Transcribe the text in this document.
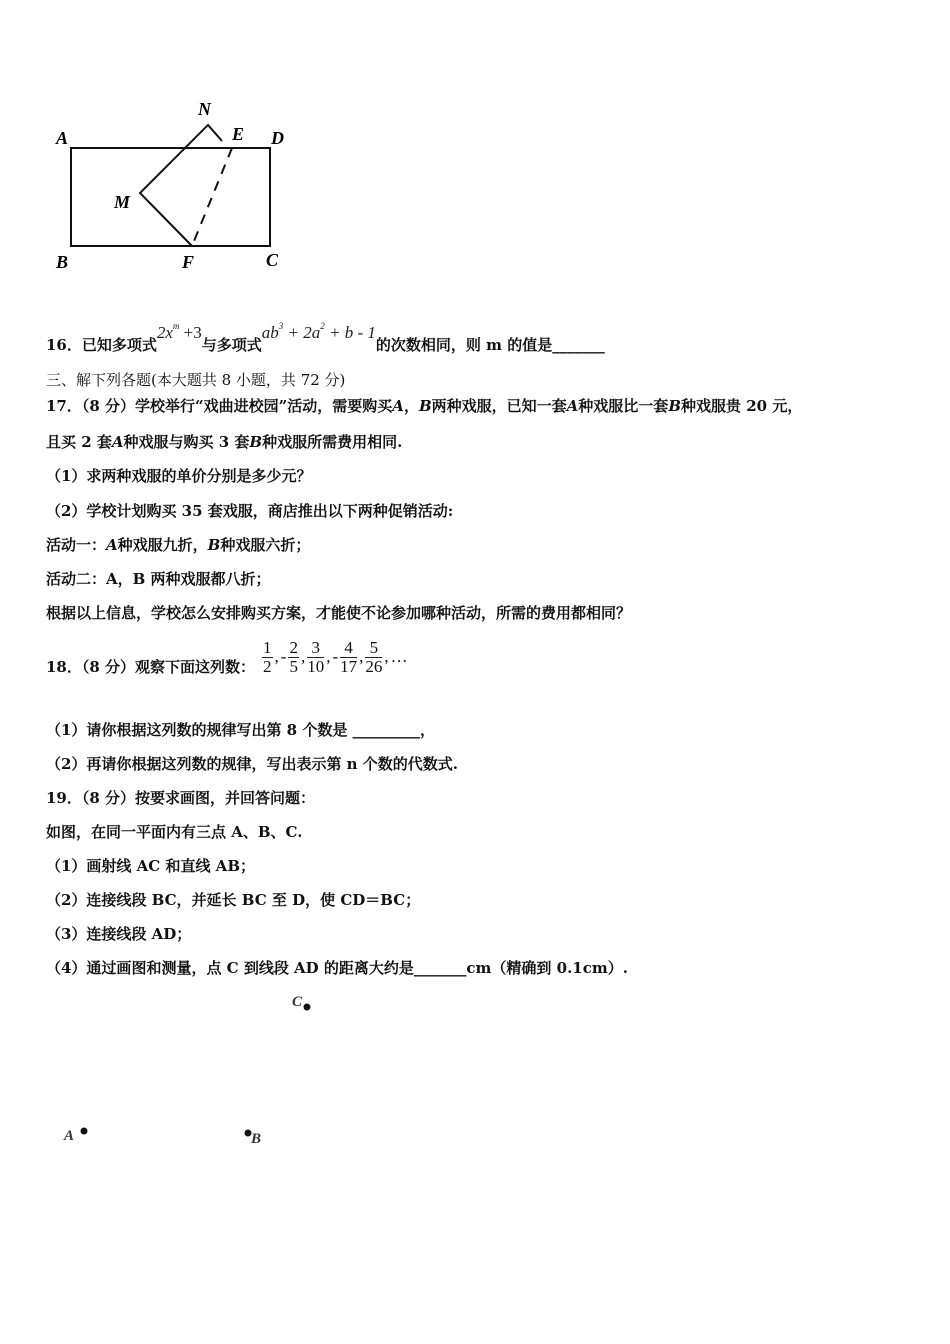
A	D
B	C
F
M
N
E
16．已知多项式$2x^m +3$与多项式$ab^3 + 2a^2 + b - 1$的次数相同，则 m 的值是_______
三、解下列各题(本大题共 8 小题，共 72 分)
17．（8 分）学校举行“戏曲进校园”活动，需要购买A，B两种戏服，已知一套A种戏服比一套B种戏服贵 20 元，
且买 2 套A种戏服与购买 3 套B种戏服所需费用相同.
（1）求两种戏服的单价分别是多少元？
（2）学校计划购买 35 套戏服，商店推出以下两种促销活动:
活动一：A种戏服九折，B种戏服六折；
活动二：A，B 两种戏服都八折；
根据以上信息，学校怎么安排购买方案，才能使不论参加哪种活动，所需的费用都相同？
18．（8 分）观察下面这列数： $\frac{1}{2}$ , - $\frac{2}{5}$ , $\frac{3}{10}$ , - $\frac{4}{17}$ , $\frac{5}{26}$ , …
（1）请你根据这列数的规律写出第 8 个数是 _________，
（2）再请你根据这列数的规律，写出表示第 n 个数的代数式.
19．（8 分）按要求画图，并回答问题：
如图，在同一平面内有三点 A、B、C.
（1）画射线 AC 和直线 AB；
（2）连接线段 BC，并延长 BC 至 D，使 CD＝BC；
（3）连接线段 AD；
（4）通过画图和测量，点 C 到线段 AD 的距离大约是_______cm（精确到 0.1cm）.
C
A	B
